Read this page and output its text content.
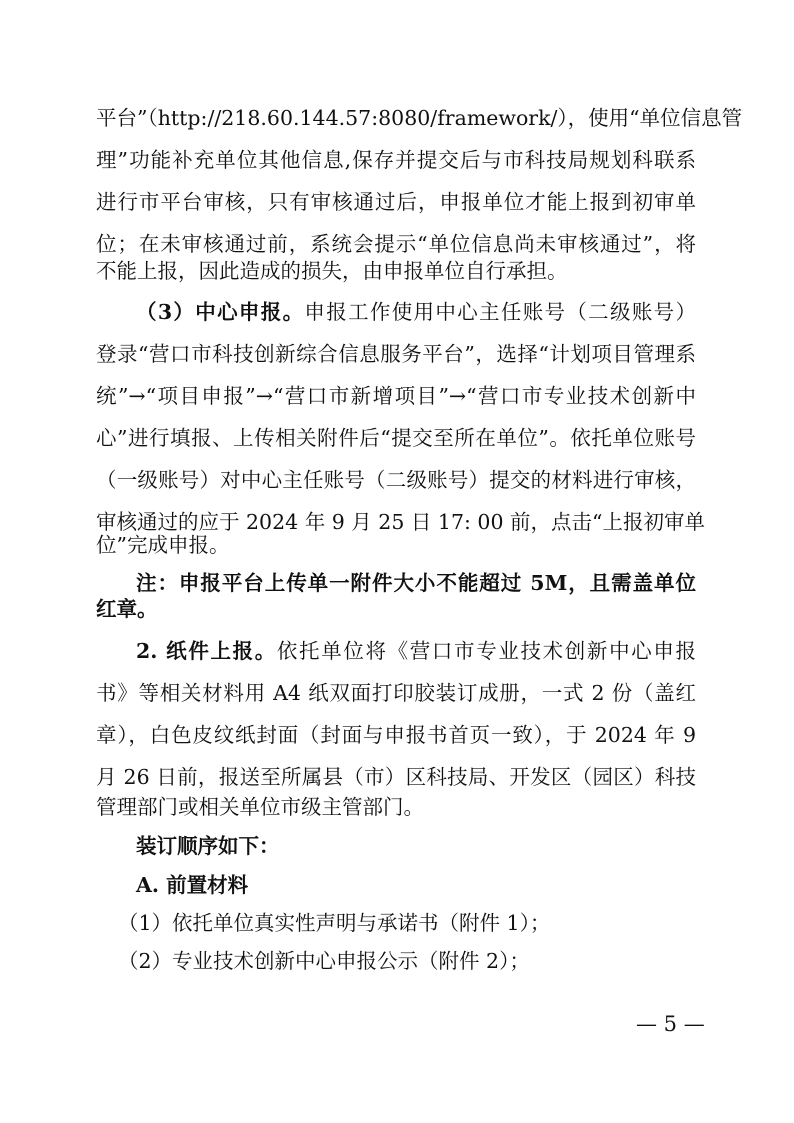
平台”（http://218.60.144.57:8080/framework/），使用“单位信息管

理”功能补充单位其他信息,保存并提交后与市科技局规划科联系

进行市平台审核，只有审核通过后，申报单位才能上报到初审单

位；在未审核通过前，系统会提示“单位信息尚未审核通过”，将

不能上报，因此造成的损失，由申报单位自行承担。

（3）中心申报。申报工作使用中心主任账号（二级账号）

登录“营口市科技创新综合信息服务平台”，选择“计划项目管理系

统”→“项目申报”→“营口市新增项目”→“营口市专业技术创新中

心”进行填报、上传相关附件后“提交至所在单位”。依托单位账号

（一级账号）对中心主任账号（二级账号）提交的材料进行审核，

审核通过的应于 2024 年 9 月 25 日 17: 00 前，点击“上报初审单

位”完成申报。

注：申报平台上传单一附件大小不能超过 5M，且需盖单位

红章。

2. 纸件上报。依托单位将《营口市专业技术创新中心申报

书》等相关材料用 A4 纸双面打印胶装订成册，一式 2 份（盖红

章），白色皮纹纸封面（封面与申报书首页一致），于 2024 年 9

月 26 日前，报送至所属县（市）区科技局、开发区（园区）科技

管理部门或相关单位市级主管部门。

装订顺序如下：

A. 前置材料

（1）依托单位真实性声明与承诺书（附件 1）；

（2）专业技术创新中心申报公示（附件 2）；

— 5 —
